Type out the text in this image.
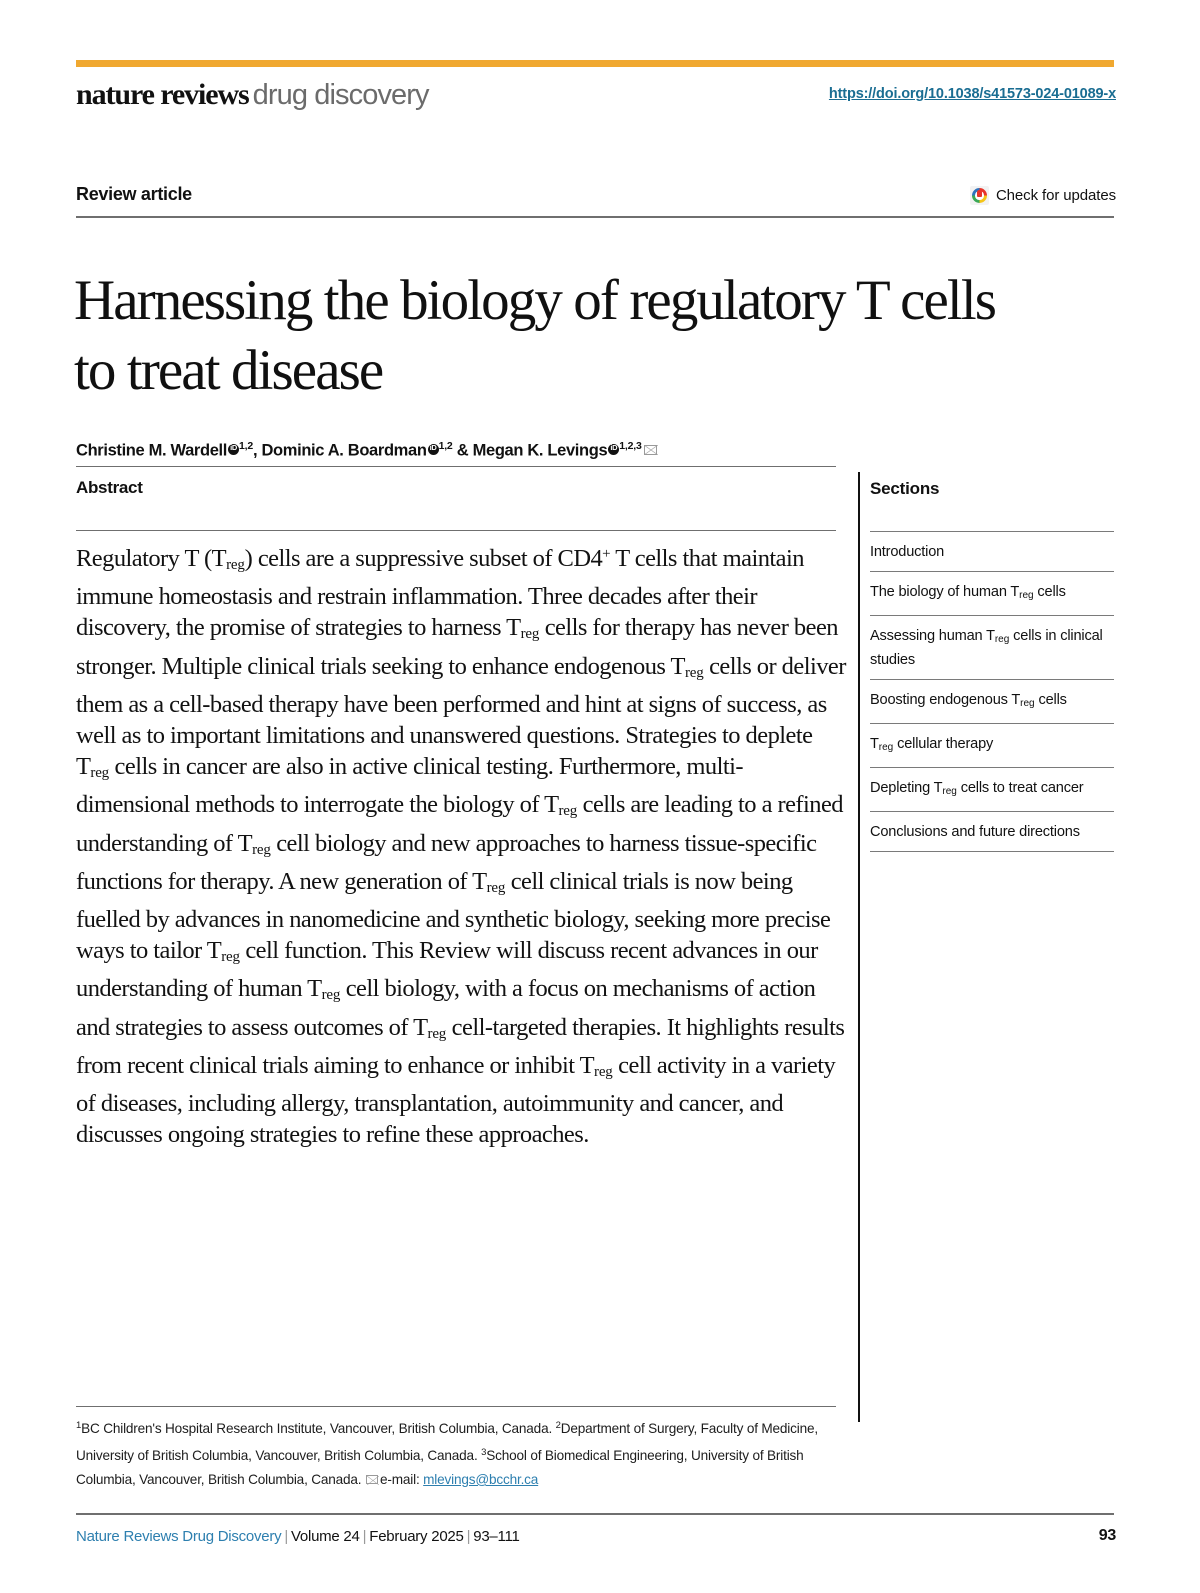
nature reviews drug discovery	https://doi.org/10.1038/s41573-024-01089-x
Review article	Check for updates
Harnessing the biology of regulatory T cells to treat disease
Christine M. Wardell iD $^{1,2}$, Dominic A. Boardman iD $^{1,2}$ & Megan K. Levings iD $^{1,2,3}$
Abstract
Regulatory T $(T_{reg})$ cells are a suppressive subset of CD4+ T cells that maintain immune homeostasis and restrain inflammation. Three decades after their discovery, the promise of strategies to harness $T_{reg}$ cells for therapy has never been stronger. Multiple clinical trials seeking to enhance endogenous $T_{reg}$ cells or deliver them as a cell-based therapy have been performed and hint at signs of success, as well as to important limitations and unanswered questions. Strategies to deplete $T_{reg}$ cells in cancer are also in active clinical testing. Furthermore, multi-dimensional methods to interrogate the biology of $T_{reg}$ cells are leading to a refined understanding of $T_{reg}$ cell biology and new approaches to harness tissue-specific functions for therapy. A new generation of $T_{reg}$ cell clinical trials is now being fuelled by advances in nanomedicine and synthetic biology, seeking more precise ways to tailor $T_{reg}$ cell function. This Review will discuss recent advances in our understanding of human $T_{reg}$ cell biology, with a focus on mechanisms of action and strategies to assess outcomes of $T_{reg}$ cell-targeted therapies. It highlights results from recent clinical trials aiming to enhance or inhibit $T_{reg}$ cell activity in a variety of diseases, including allergy, transplantation, autoimmunity and cancer, and discusses ongoing strategies to refine these approaches.
Sections
Introduction
The biology of human $T_{reg}$ cells
Assessing human $T_{reg}$ cells in clinical studies
Boosting endogenous $T_{reg}$ cells
$T_{reg}$ cellular therapy
Depleting $T_{reg}$ cells to treat cancer
Conclusions and future directions
$^1$BC Children's Hospital Research Institute, Vancouver, British Columbia, Canada. $^2$Department of Surgery, Faculty of Medicine, University of British Columbia, Vancouver, British Columbia, Canada. $^3$School of Biomedical Engineering, University of British Columbia, Vancouver, British Columbia, Canada. e-mail: mlevings@bcchr.ca
Nature Reviews Drug Discovery | Volume 24 | February 2025 | 93–111	93
